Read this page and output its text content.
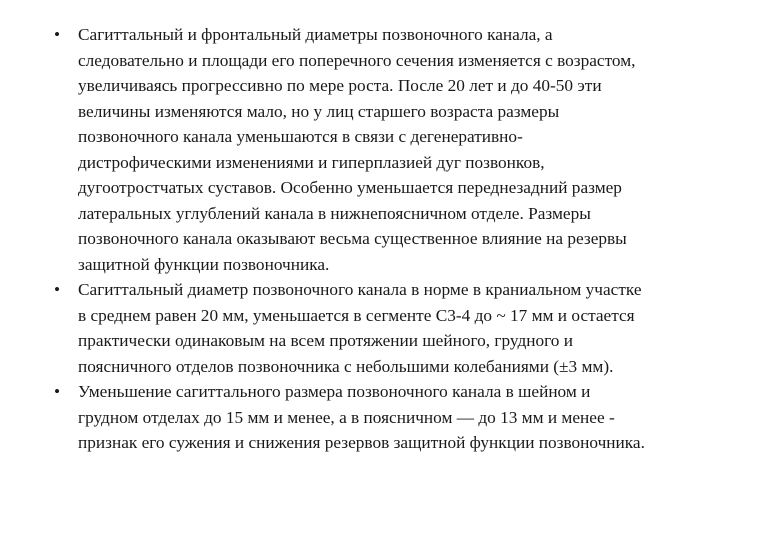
•	Сагиттальный и фронтальный диаметры позвоночного канала, а
следовательно и площади его поперечного сечения изменяется с возрастом,
увеличиваясь прогрессивно по мере роста. После 20 лет и до 40-50 эти
величины изменяются мало, но у лиц старшего возраста размеры
позвоночного канала уменьшаются в связи с дегенеративно-
дистрофическими изменениями и гиперплазией дуг позвонков,
дугоотростчатых суставов. Особенно уменьшается переднезадний размер
латеральных углублений канала в нижнепоясничном отделе. Размеры
позвоночного канала оказывают весьма существенное влияние на резервы
защитной функции позвоночника.
•	Сагиттальный диаметр позвоночного канала в норме в краниальном участке
в среднем равен 20 мм, уменьшается в сегменте С3-4 до ~ 17 мм и остается
практически одинаковым на всем протяжении шейного, грудного и
поясничного отделов позвоночника с небольшими колебаниями (±3 мм).
•	Уменьшение сагиттального размера позвоночного канала в шейном и
грудном отделах до 15 мм и менее, а в поясничном — до 13 мм и менее -
признак его сужения и снижения резервов защитной функции позвоночника.
